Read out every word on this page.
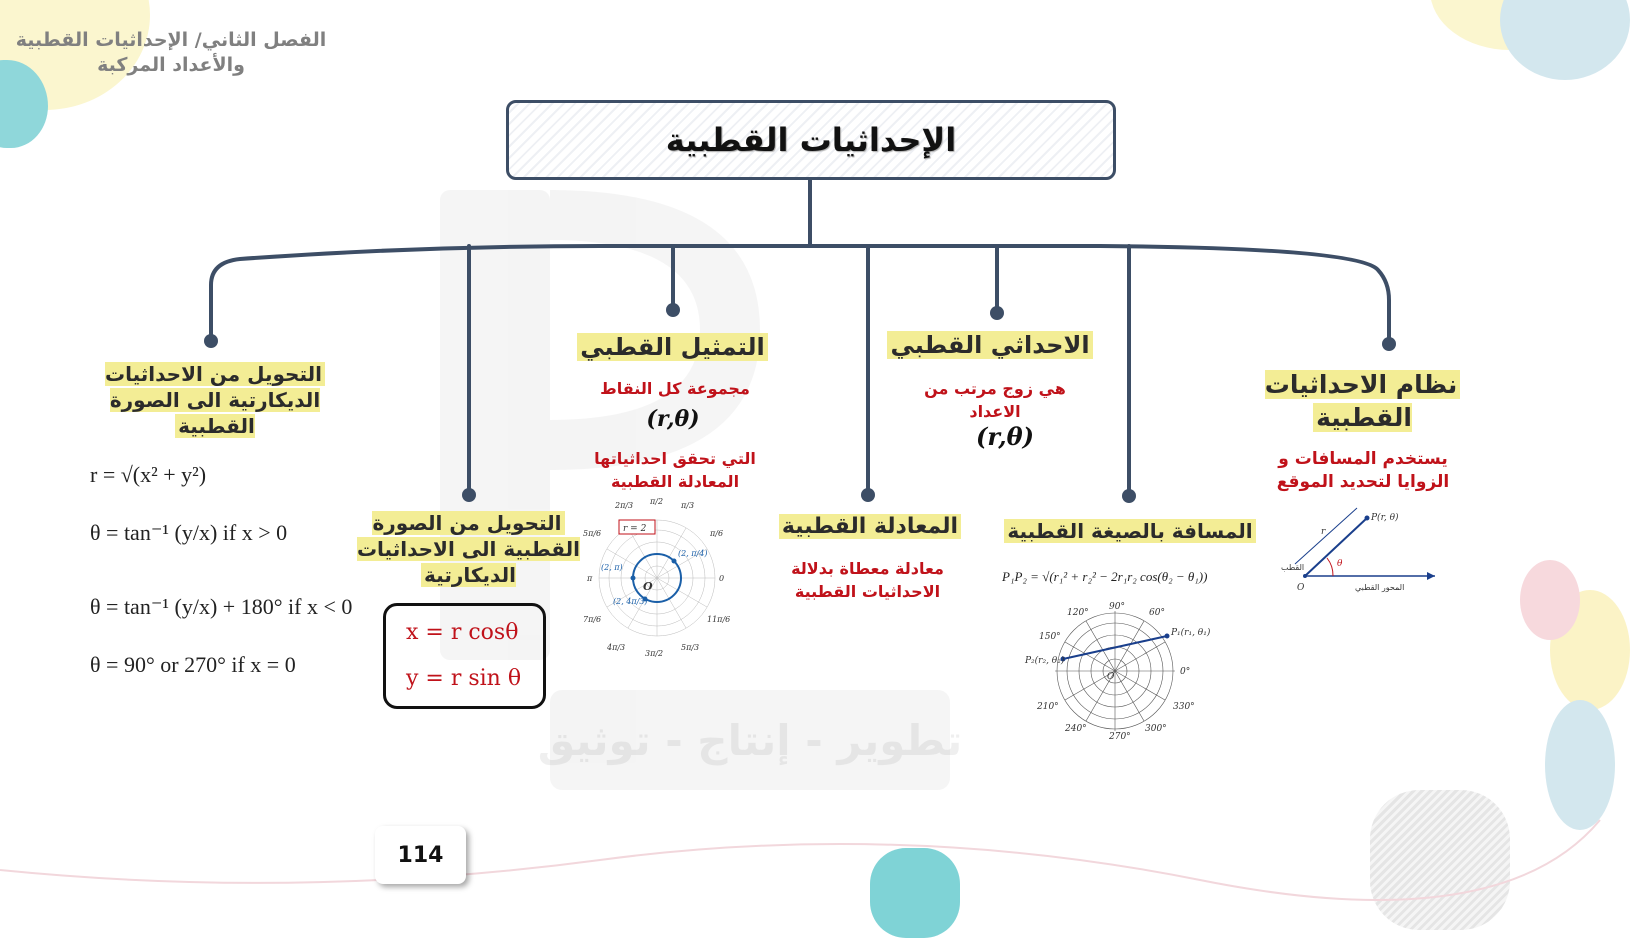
تطوير - إنتاج - توثيق
الفصل الثاني/ الإحداثيات القطبية
والأعداد المركبة
الإحداثيات القطبية
نظام الاحداثيات القطبية
يستخدم المسافات و الزوايا لتحديد الموقع
P(r, θ)
r
θ
O
القطب
المحور القطبي
المسافة بالصيغة القطبية
P₁P₂ = √(r₁² + r₂² − 2r₁r₂ cos(θ₂ − θ₁))
90°
60°
120°
150°
0°
330°
210°
240°
270°
300°
P₁(r₁, θ₁)
P₂(r₂, θ₂)
O
الاحداثي القطبي
هي زوج مرتب من الاعداد
(r,θ)
المعادلة القطبية
معادلة معطاة بدلالة الاحداثيات القطبية
التمثيل القطبي
مجموعة كل النقاط
(r,θ)
التي تحقق احداثياتها المعادلة القطبية
r = 2
O
(2, π)
(2, π/4)
(2, 4π/3)
2π/3 π/2 π/3
5π/6	π/6
π	0
7π/6	11π/6
4π/3
3π/2
5π/3
التحويل من الصورة القطبية الى الاحداثيات الديكارتية
x = r cosθ
y = r sin θ
التحويل من الاحداثيات الديكارتية الى الصورة القطبية
r = √(x² + y²)
θ = tan⁻¹ (y/x) if x > 0
θ = tan⁻¹ (y/x) + 180° if x < 0
θ = 90° or 270° if x = 0
114
